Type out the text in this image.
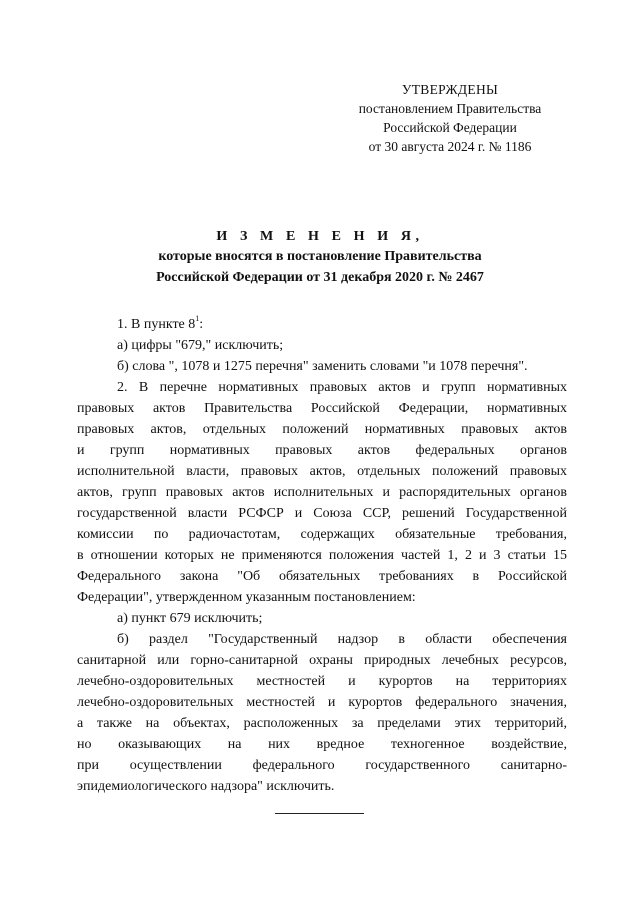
УТВЕРЖДЕНЫ
постановлением Правительства
Российской Федерации
от 30 августа 2024 г. № 1186
И З М Е Н Е Н И Я,
которые вносятся в постановление Правительства
Российской Федерации от 31 декабря 2020 г. № 2467
1. В пункте $8^1$:
а) цифры "679," исключить;
б) слова ", 1078 и 1275 перечня" заменить словами "и 1078 перечня".
2. В перечне нормативных правовых актов и групп нормативных
правовых актов Правительства Российской Федерации, нормативных
правовых актов, отдельных положений нормативных правовых актов
и групп нормативных правовых актов федеральных органов
исполнительной власти, правовых актов, отдельных положений правовых
актов, групп правовых актов исполнительных и распорядительных органов
государственной власти РСФСР и Союза ССР, решений Государственной
комиссии по радиочастотам, содержащих обязательные требования,
в отношении которых не применяются положения частей 1, 2 и 3 статьи 15
Федерального закона "Об обязательных требованиях в Российской
Федерации", утвержденном указанным постановлением:
а) пункт 679 исключить;
б) раздел "Государственный надзор в области обеспечения
санитарной или горно-санитарной охраны природных лечебных ресурсов,
лечебно-оздоровительных местностей и курортов на территориях
лечебно-оздоровительных местностей и курортов федерального значения,
а также на объектах, расположенных за пределами этих территорий,
но оказывающих на них вредное техногенное воздействие,
при осуществлении федерального государственного санитарно-
эпидемиологического надзора" исключить.
